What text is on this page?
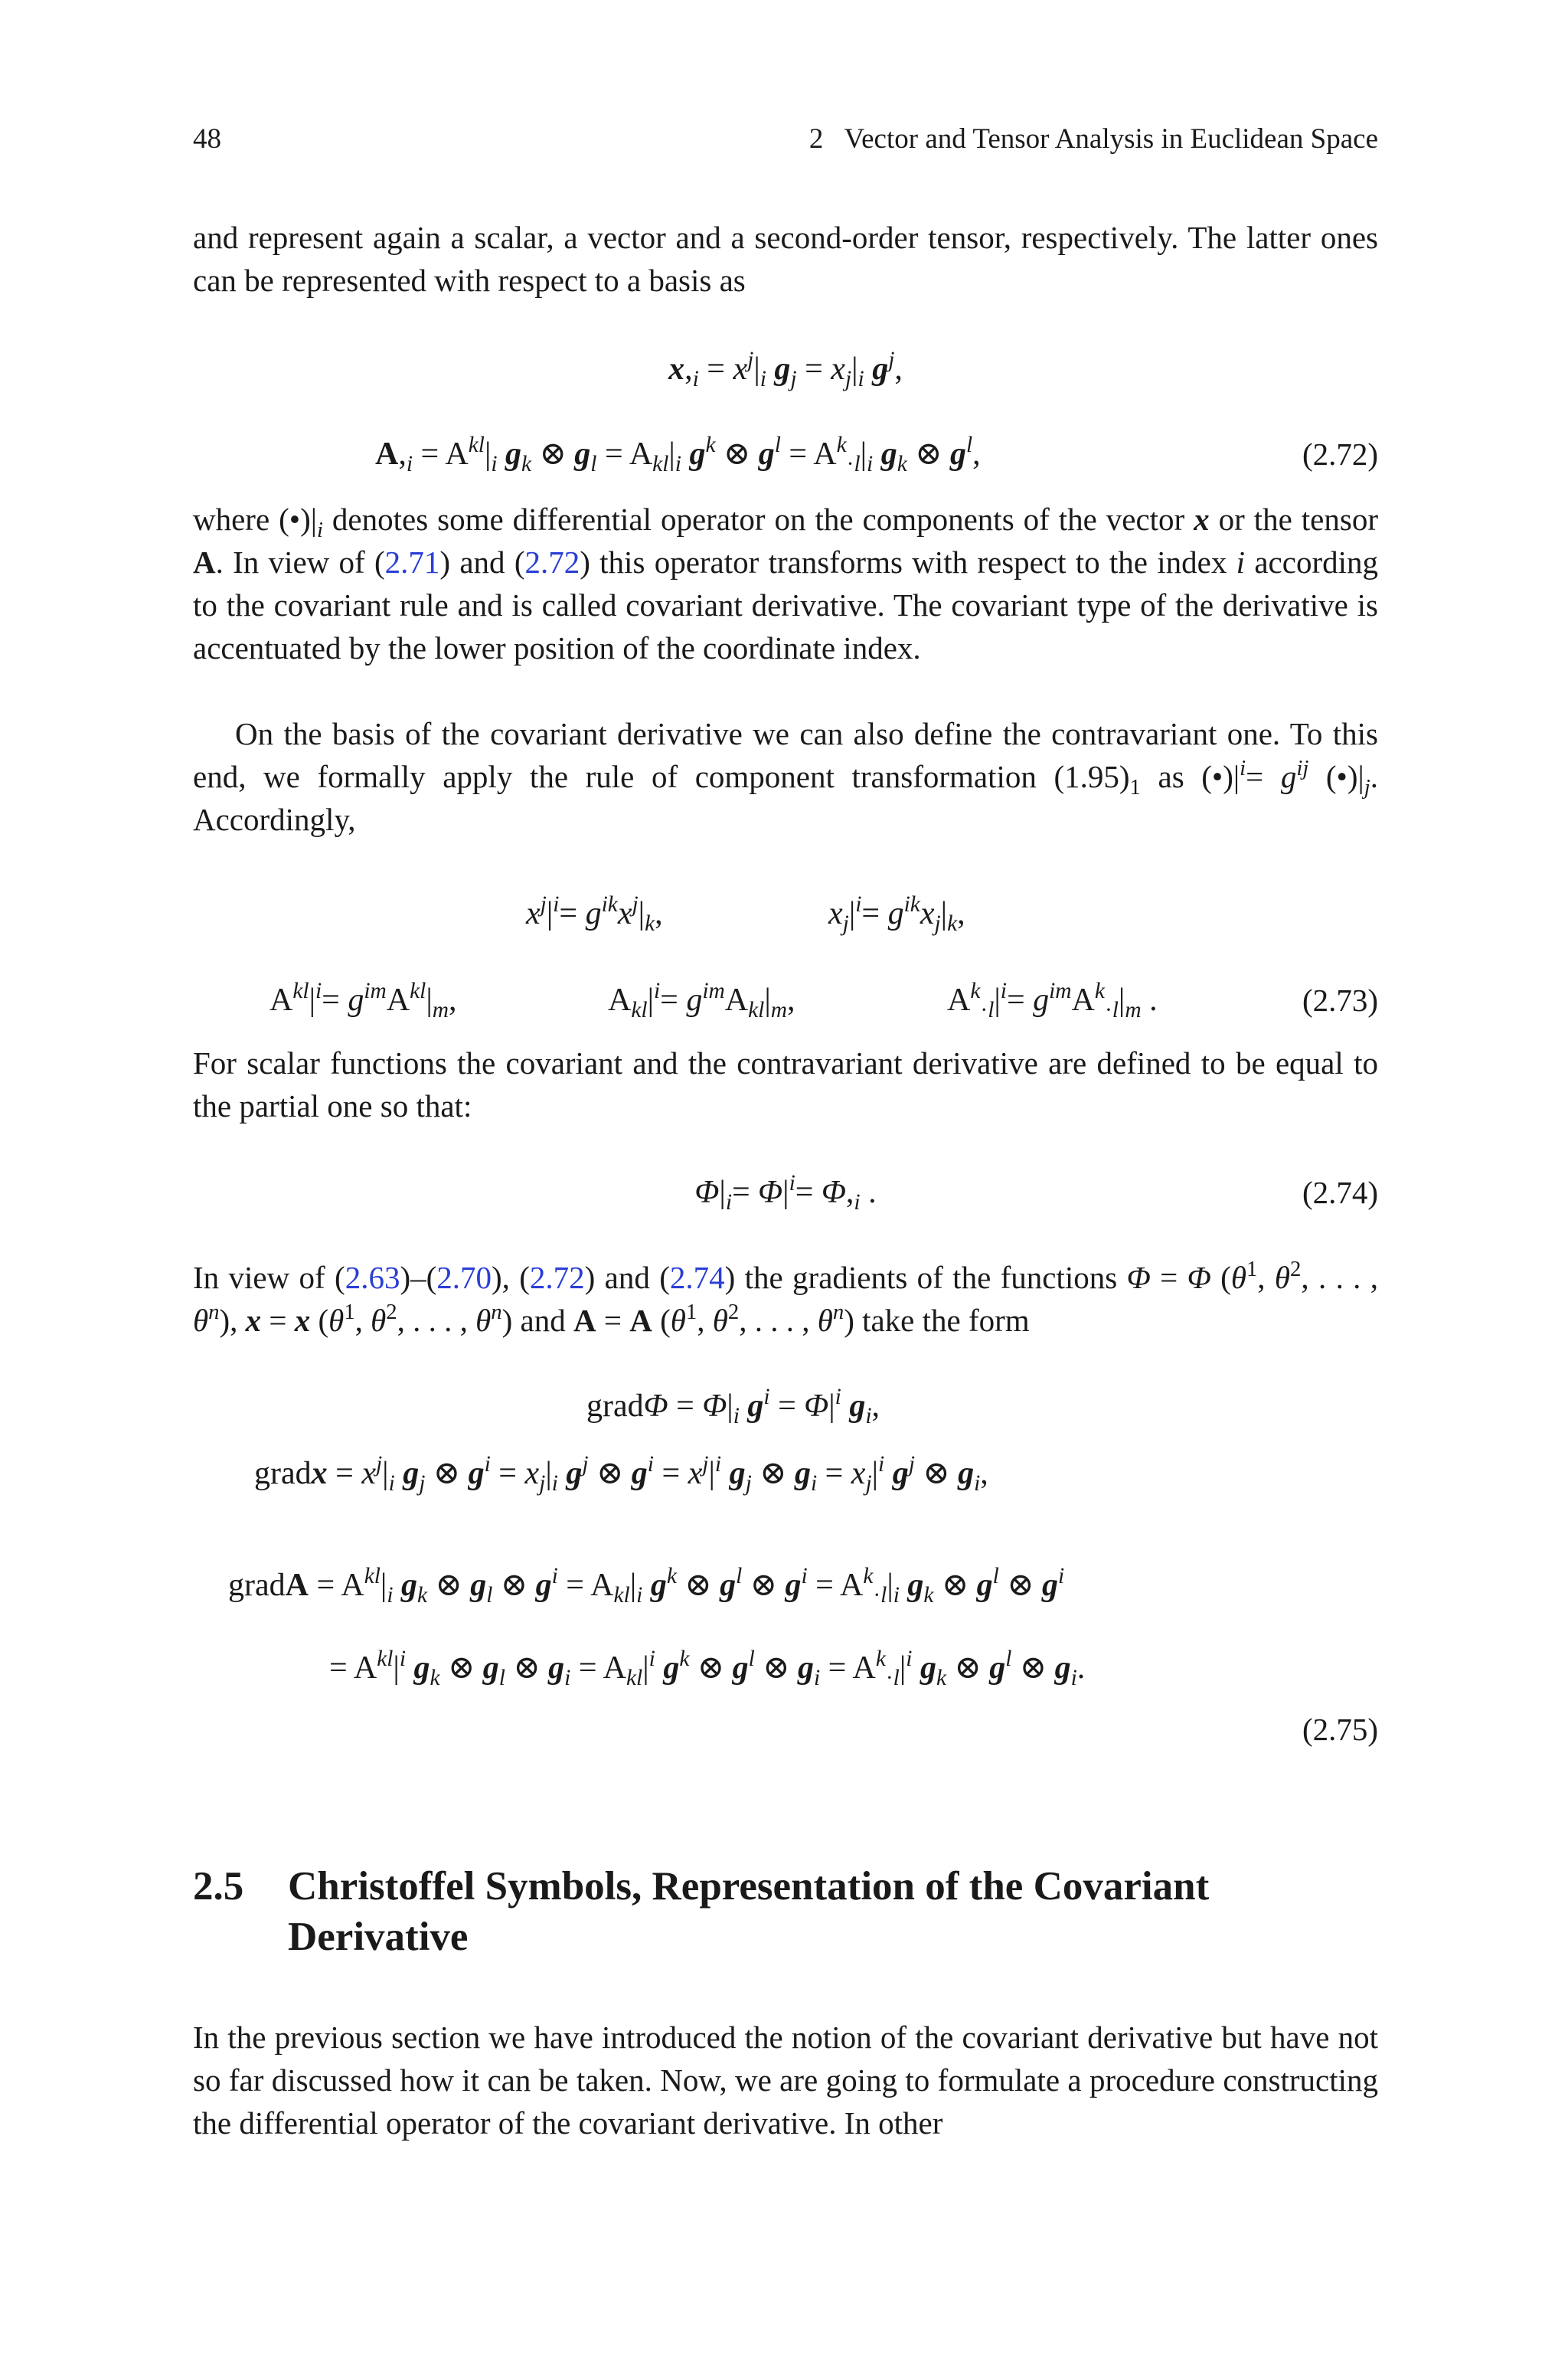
48	2   Vector and Tensor Analysis in Euclidean Space

and represent again a scalar, a vector and a second-order tensor, respectively. The latter ones can be represented with respect to a basis as

$x,_i = x^j|_i$ $g_j = x_j|_i$ $g^j$,
$A,_i = A^{kl}|_i$ $g_k$ ⊗ $g_l = A_{kl}|_i$ $g^k$ ⊗ $g^l = A^k_{\cdot l}|_i$ $g_k$ ⊗ $g^l$,	(2.72)

where $(•)|_i$ denotes some differential operator on the components of the vector x or the tensor A. In view of (2.71) and (2.72) this operator transforms with respect to the index i according to the covariant rule and is called covariant derivative. The covariant type of the derivative is accentuated by the lower position of the coordinate index.

On the basis of the covariant derivative we can also define the contravariant one. To this end, we formally apply the rule of component transformation $(1.95)_1$ as $(•)|^i= g^{ij}$ $(•)|_j$. Accordingly,

$x^j|^i= g^{ik}x^j|_k$,	$x_j|^i= g^{ik}x_j|_k$,
$A^{kl}|^i= g^{im}A^{kl}|_m$,	$A_{kl}|^i= g^{im}A_{kl}|_m$,	$A^k_{\cdot l}|^i= g^{im}A^k_{\cdot l}|_m$ .	(2.73)

For scalar functions the covariant and the contravariant derivative are defined to be equal to the partial one so that:

$\Phi|_i= \Phi|^i= \Phi,_i$ .	(2.74)

In view of (2.63)–(2.70), (2.72) and (2.74) the gradients of the functions Φ = Φ ($\theta^1$, $\theta^2$, . . . , $\theta^n$), x = x ($\theta^1$, $\theta^2$, . . . , $\theta^n$) and A = A ($\theta^1$, $\theta^2$, . . . , $\theta^n$) take the form

gradΦ = $\Phi|_i$ $g^i = \Phi|^i$ $g_i$,
gradx = $x^j|_i$ $g_j$ ⊗ $g^i = x_j|_i$ $g^j$ ⊗ $g^i = x^j|^i$ $g_j$ ⊗ $g_i = x_j|^i$ $g^j$ ⊗ $g_i$,
gradA = $A^{kl}|_i$ $g_k$ ⊗ $g_l$ ⊗ $g^i = A_{kl}|_i$ $g^k$ ⊗ $g^l$ ⊗ $g^i = A^k_{\cdot l}|_i$ $g_k$ ⊗ $g^l$ ⊗ $g^i$
= $A^{kl}|^i$ $g_k$ ⊗ $g_l$ ⊗ $g_i = A_{kl}|^i$ $g^k$ ⊗ $g^l$ ⊗ $g_i = A^k_{\cdot l}|^i$ $g_k$ ⊗ $g^l$ ⊗ $g_i$.
(2.75)
2.5 Christoffel Symbols, Representation of the Covariant Derivative

In the previous section we have introduced the notion of the covariant derivative but have not so far discussed how it can be taken. Now, we are going to formulate a procedure constructing the differential operator of the covariant derivative. In other
